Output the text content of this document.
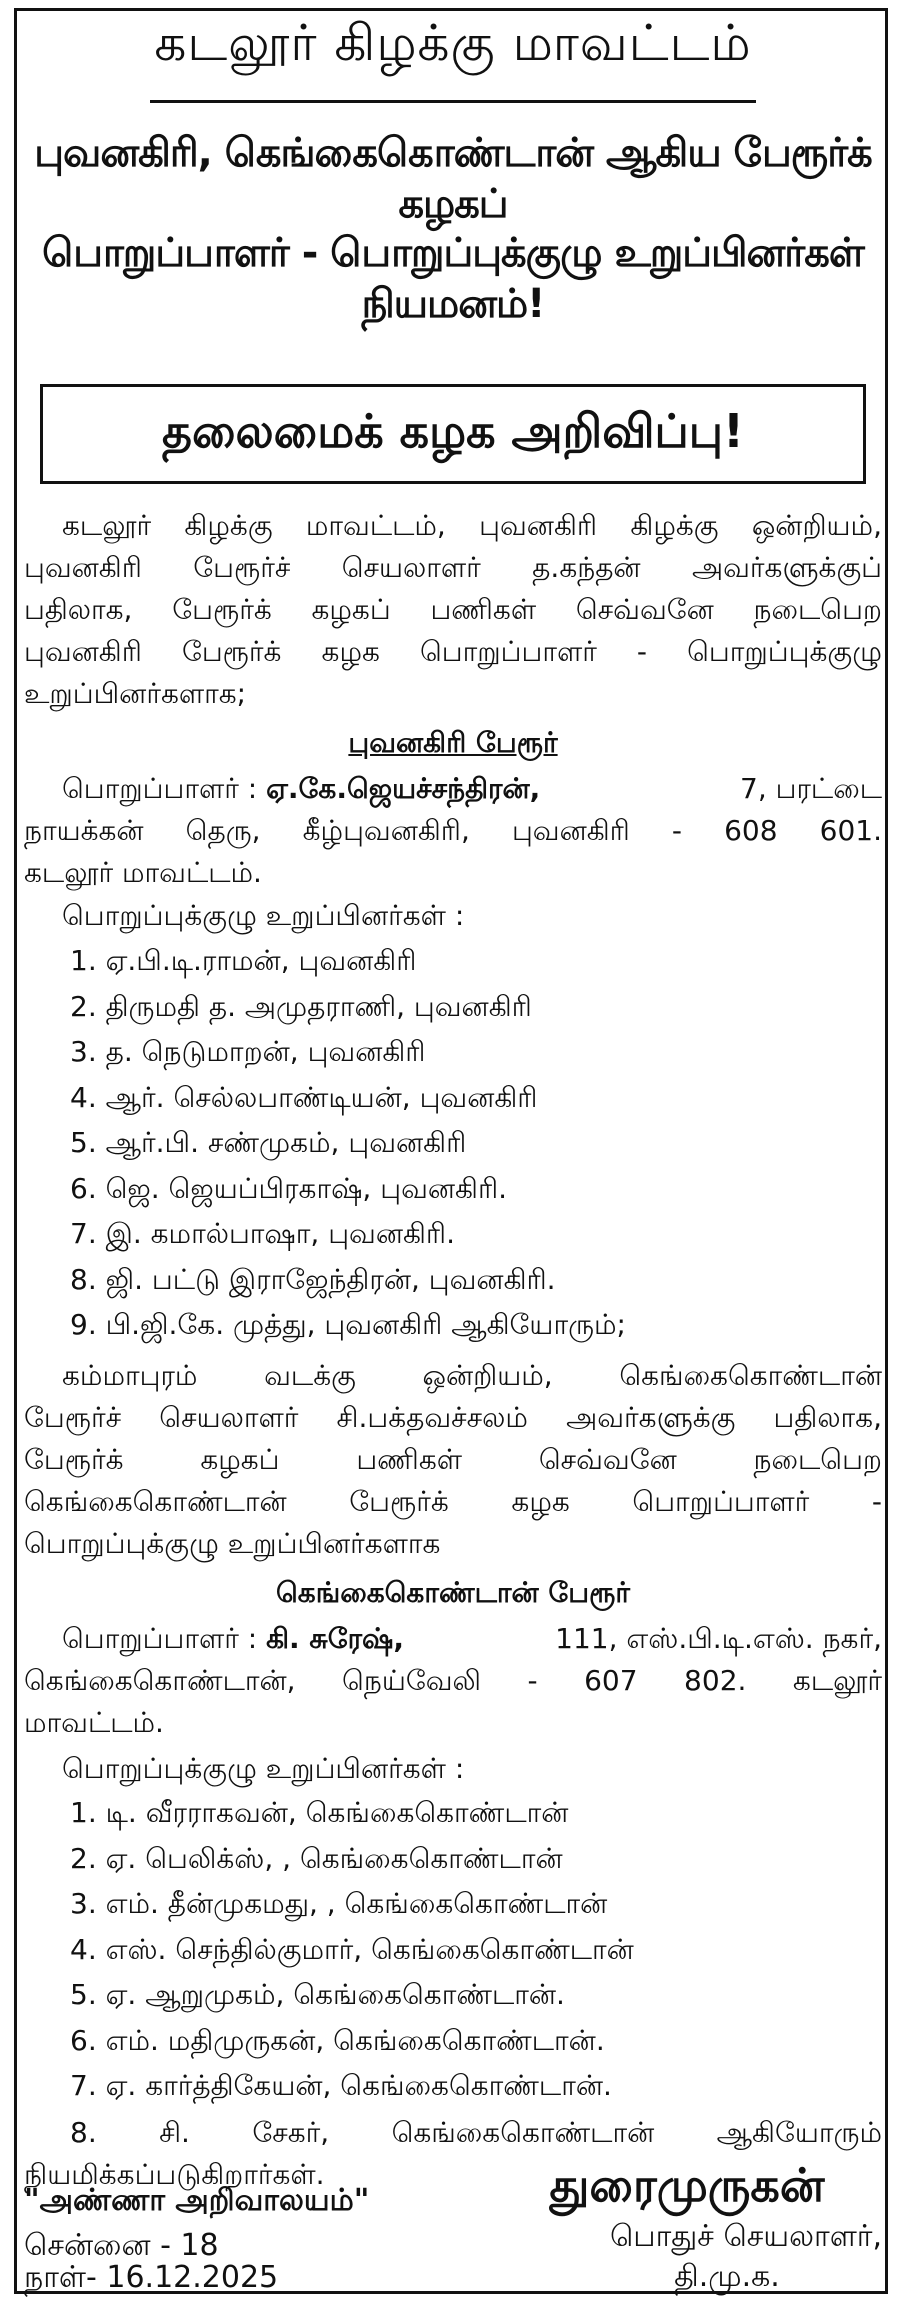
கடலூர் கிழக்கு மாவட்டம்
புவனகிரி, கெங்கைகொண்டான் ஆகிய பேரூர்க் கழகப்
பொறுப்பாளர் - பொறுப்புக்குழு உறுப்பினர்கள் நியமனம்!
தலைமைக் கழக அறிவிப்பு!
கடலூர் கிழக்கு மாவட்டம், புவனகிரி கிழக்கு ஒன்றியம்,
புவனகிரி பேரூர்ச் செயலாளர் த.கந்தன் அவர்களுக்குப்
பதிலாக, பேரூர்க் கழகப் பணிகள் செவ்வனே நடைபெற
புவனகிரி பேரூர்க் கழக பொறுப்பாளர் - பொறுப்புக்குழு
உறுப்பினர்களாக;
புவனகிரி பேரூர்
பொறுப்பாளர் : ஏ.கே.ஜெயச்சந்திரன்,	7, பரட்டை
நாயக்கன் தெரு, கீழ்புவனகிரி, புவனகிரி - 608 601.
கடலூர் மாவட்டம்.
பொறுப்புக்குழு உறுப்பினர்கள் :
1. ஏ.பி.டி.ராமன், புவனகிரி
2. திருமதி த. அமுதராணி, புவனகிரி
3. த. நெடுமாறன், புவனகிரி
4. ஆர். செல்லபாண்டியன், புவனகிரி
5. ஆர்.பி. சண்முகம், புவனகிரி
6. ஜெ. ஜெயப்பிரகாஷ், புவனகிரி.
7. இ. கமால்பாஷா, புவனகிரி.
8. ஜி. பட்டு இராஜேந்திரன், புவனகிரி.
9. பி.ஜி.கே. முத்து, புவனகிரி ஆகியோரும்;
கம்மாபுரம் வடக்கு ஒன்றியம், கெங்கைகொண்டான்
பேரூர்ச் செயலாளர் சி.பக்தவச்சலம் அவர்களுக்கு பதிலாக,
பேரூர்க் கழகப் பணிகள் செவ்வனே நடைபெற
கெங்கைகொண்டான் பேரூர்க் கழக பொறுப்பாளர் -
பொறுப்புக்குழு உறுப்பினர்களாக
கெங்கைகொண்டான் பேரூர்
பொறுப்பாளர் : கி. சுரேஷ்,	111, எஸ்.பி.டி.எஸ். நகர்,
கெங்கைகொண்டான், நெய்வேலி - 607 802. கடலூர்
மாவட்டம்.
பொறுப்புக்குழு உறுப்பினர்கள் :
1. டி. வீரராகவன், கெங்கைகொண்டான்
2. ஏ. பெலிக்ஸ், , கெங்கைகொண்டான்
3. எம். தீன்முகமது, , கெங்கைகொண்டான்
4. எஸ். செந்தில்குமார், கெங்கைகொண்டான்
5. ஏ. ஆறுமுகம், கெங்கைகொண்டான்.
6. எம். மதிமுருகன், கெங்கைகொண்டான்.
7. ஏ. கார்த்திகேயன், கெங்கைகொண்டான்.
8. சி. சேகர், கெங்கைகொண்டான் ஆகியோரும்
நியமிக்கப்படுகிறார்கள்.
"அண்ணா அறிவாலயம்"
சென்னை - 18
நாள்- 16.12.2025
துரைமுருகன்
பொதுச் செயலாளர்,
தி.மு.க.
